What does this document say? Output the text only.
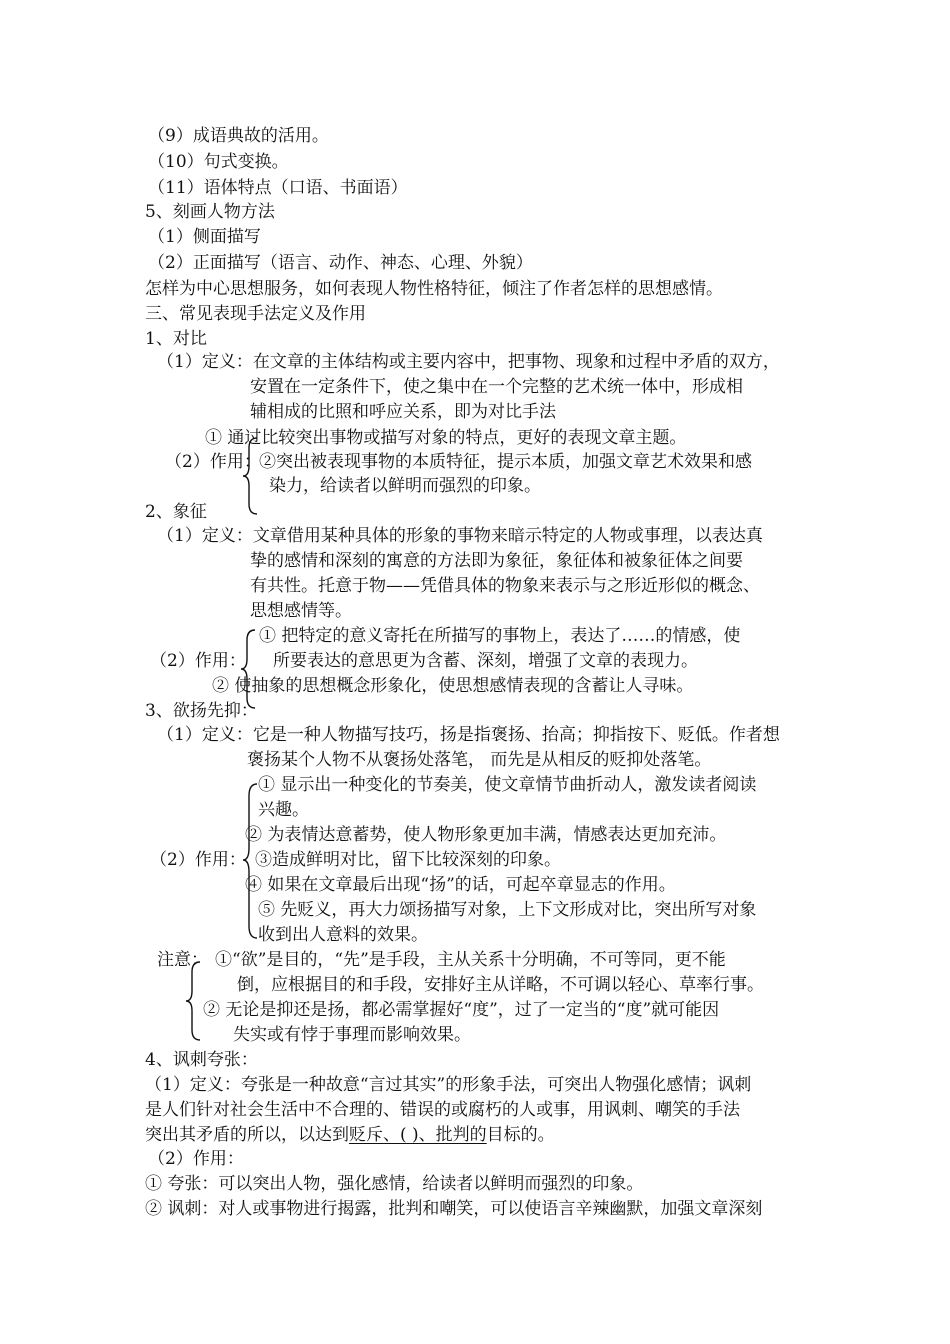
（9）成语典故的活用。
（10）句式变换。
（11）语体特点（口语、书面语）
5、刻画人物方法
（1）侧面描写
（2）正面描写（语言、动作、神态、心理、外貌）
怎样为中心思想服务，如何表现人物性格特征，倾注了作者怎样的思想感情。
三、常见表现手法定义及作用
1、对比
（1）定义：在文章的主体结构或主要内容中，把事物、现象和过程中矛盾的双方，
安置在一定条件下，使之集中在一个完整的艺术统一体中，形成相
辅相成的比照和呼应关系，即为对比手法
① 通过比较突出事物或描写对象的特点，更好的表现文章主题。
（2）作用：
②突出被表现事物的本质特征，提示本质，加强文章艺术效果和感
染力，给读者以鲜明而强烈的印象。
2、象征
（1）定义：文章借用某种具体的形象的事物来暗示特定的人物或事理，以表达真
挚的感情和深刻的寓意的方法即为象征，象征体和被象征体之间要
有共性。托意于物——凭借具体的物象来表示与之形近形似的概念、
思想感情等。
① 把特定的意义寄托在所描写的事物上，表达了……的情感，使
（2）作用： 所要表达的意思更为含蓄、深刻，增强了文章的表现力。
② 使抽象的思想概念形象化，使思想感情表现的含蓄让人寻味。
3、欲扬先抑：
（1）定义：它是一种人物描写技巧，扬是指褒扬、抬高；抑指按下、贬低。作者想
褒扬某个人物不从褒扬处落笔， 而先是从相反的贬抑处落笔。
① 显示出一种变化的节奏美，使文章情节曲折动人，激发读者阅读
兴趣。
② 为表情达意蓄势，使人物形象更加丰满，情感表达更加充沛。
（2）作用： ③造成鲜明对比，留下比较深刻的印象。
④ 如果在文章最后出现“扬”的话，可起卒章显志的作用。
⑤ 先贬义，再大力颂扬描写对象，上下文形成对比，突出所写对象
收到出人意料的效果。
注意： ①“欲”是目的，“先”是手段，主从关系十分明确，不可等同，更不能
倒，应根据目的和手段，安排好主从详略，不可调以轻心、草率行事。
② 无论是抑还是扬，都必需掌握好“度”，过了一定当的“度”就可能因
失实或有悖于事理而影响效果。
4、讽刺夸张：
（1）定义：夸张是一种故意“言过其实”的形象手法，可突出人物强化感情；讽刺
是人们针对社会生活中不合理的、错误的或腐朽的人或事，用讽刺、嘲笑的手法
突出其矛盾的所以，以达到贬斥、( )、批判的目标的。
（2）作用：
① 夸张：可以突出人物，强化感情，给读者以鲜明而强烈的印象。
② 讽刺：对人或事物进行揭露，批判和嘲笑，可以使语言辛辣幽默，加强文章深刻
